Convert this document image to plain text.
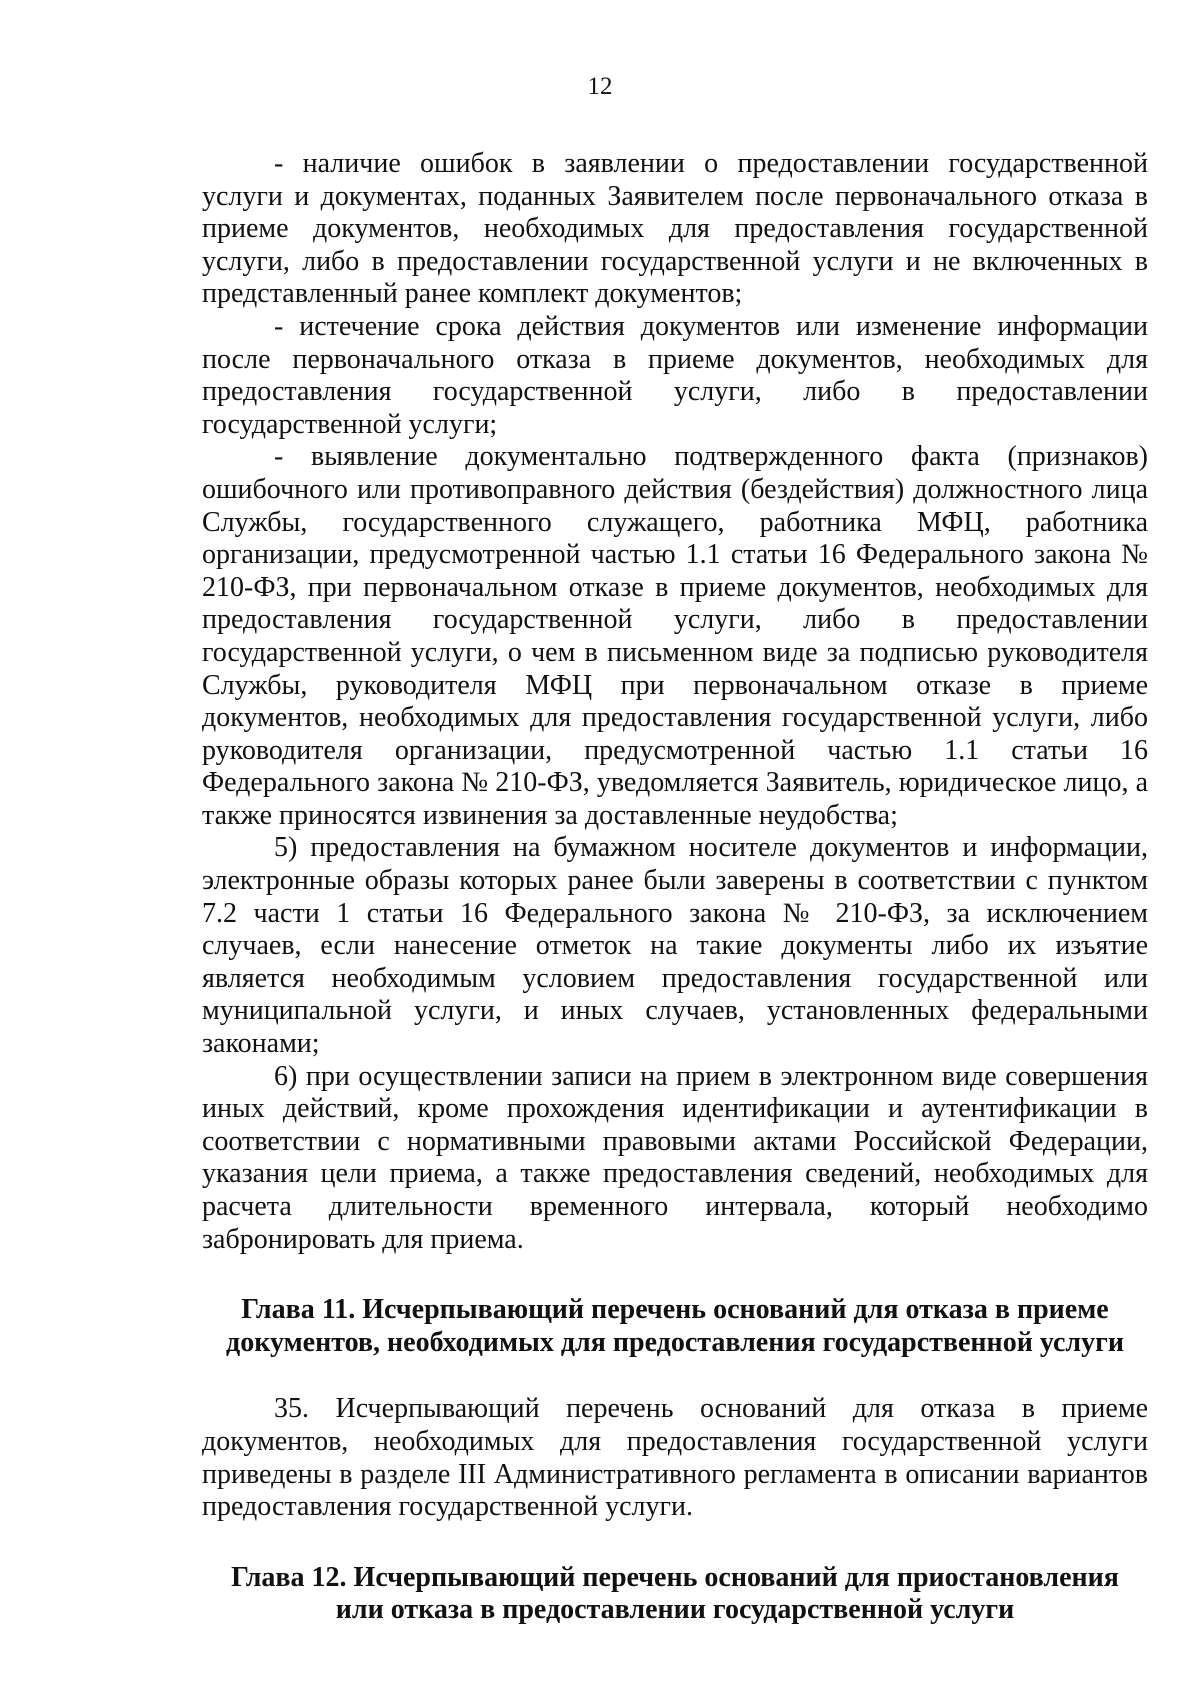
12

- наличие ошибок в заявлении о предоставлении государственной услуги и документах, поданных Заявителем после первоначального отказа в приеме документов, необходимых для предоставления государственной услуги, либо в предоставлении государственной услуги и не включенных в представленный ранее комплект документов;

- истечение срока действия документов или изменение информации после первоначального отказа в приеме документов, необходимых для предоставления государственной услуги, либо в предоставлении государственной услуги;

- выявление документально подтвержденного факта (признаков) ошибочного или противоправного действия (бездействия) должностного лица Службы, государственного служащего, работника МФЦ, работника организации, предусмотренной частью 1.1 статьи 16 Федерального закона № 210-ФЗ, при первоначальном отказе в приеме документов, необходимых для предоставления государственной услуги, либо в предоставлении государственной услуги, о чем в письменном виде за подписью руководителя Службы, руководителя МФЦ при первоначальном отказе в приеме документов, необходимых для предоставления государственной услуги, либо руководителя организации, предусмотренной частью 1.1 статьи 16 Федерального закона № 210-ФЗ, уведомляется Заявитель, юридическое лицо, а также приносятся извинения за доставленные неудобства;

5) предоставления на бумажном носителе документов и информации, электронные образы которых ранее были заверены в соответствии с пунктом 7.2 части 1 статьи 16 Федерального закона № 210-ФЗ, за исключением случаев, если нанесение отметок на такие документы либо их изъятие является необходимым условием предоставления государственной или муниципальной услуги, и иных случаев, установленных федеральными законами;

6) при осуществлении записи на прием в электронном виде совершения иных действий, кроме прохождения идентификации и аутентификации в соответствии с нормативными правовыми актами Российской Федерации, указания цели приема, а также предоставления сведений, необходимых для расчета длительности временного интервала, который необходимо забронировать для приема.

Глава 11. Исчерпывающий перечень оснований для отказа в приеме
документов, необходимых для предоставления государственной услуги

35. Исчерпывающий перечень оснований для отказа в приеме документов, необходимых для предоставления государственной услуги приведены в разделе III Административного регламента в описании вариантов предоставления государственной услуги.

Глава 12. Исчерпывающий перечень оснований для приостановления
или отказа в предоставлении государственной услуги
